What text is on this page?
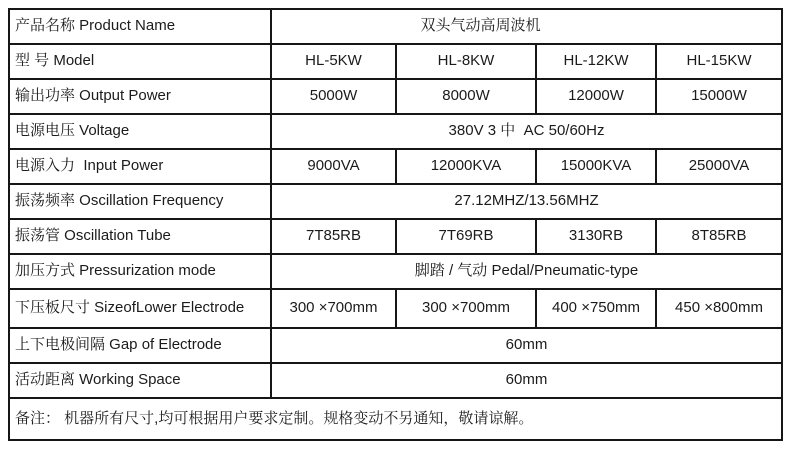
产品名称 Product Name	双头气动高周波机			
型 号 Model	HL-5KW	HL-8KW	HL-12KW	HL-15KW
输出功率 Output Power	5000W	8000W	12000W	15000W
电源电压 Voltage	380V 3 中  AC 50/60Hz			
电源入力  Input Power	9000VA	12000KVA	15000KVA	25000VA
振荡频率 Oscillation Frequency	27.12MHZ/13.56MHZ			
振荡管 Oscillation Tube	7T85RB	7T69RB	3130RB	8T85RB
加压方式 Pressurization mode	脚踏 / 气动 Pedal/Pneumatic-type			
下压板尺寸 SizeofLower Electrode	300 ×700mm	300 ×700mm	400 ×750mm	450 ×800mm
上下电极间隔 Gap of Electrode	60mm			
活动距离 Working Space	60mm			
备注： 机器所有尺寸,均可根据用户要求定制。规格变动不另通知，敬请谅解。				
